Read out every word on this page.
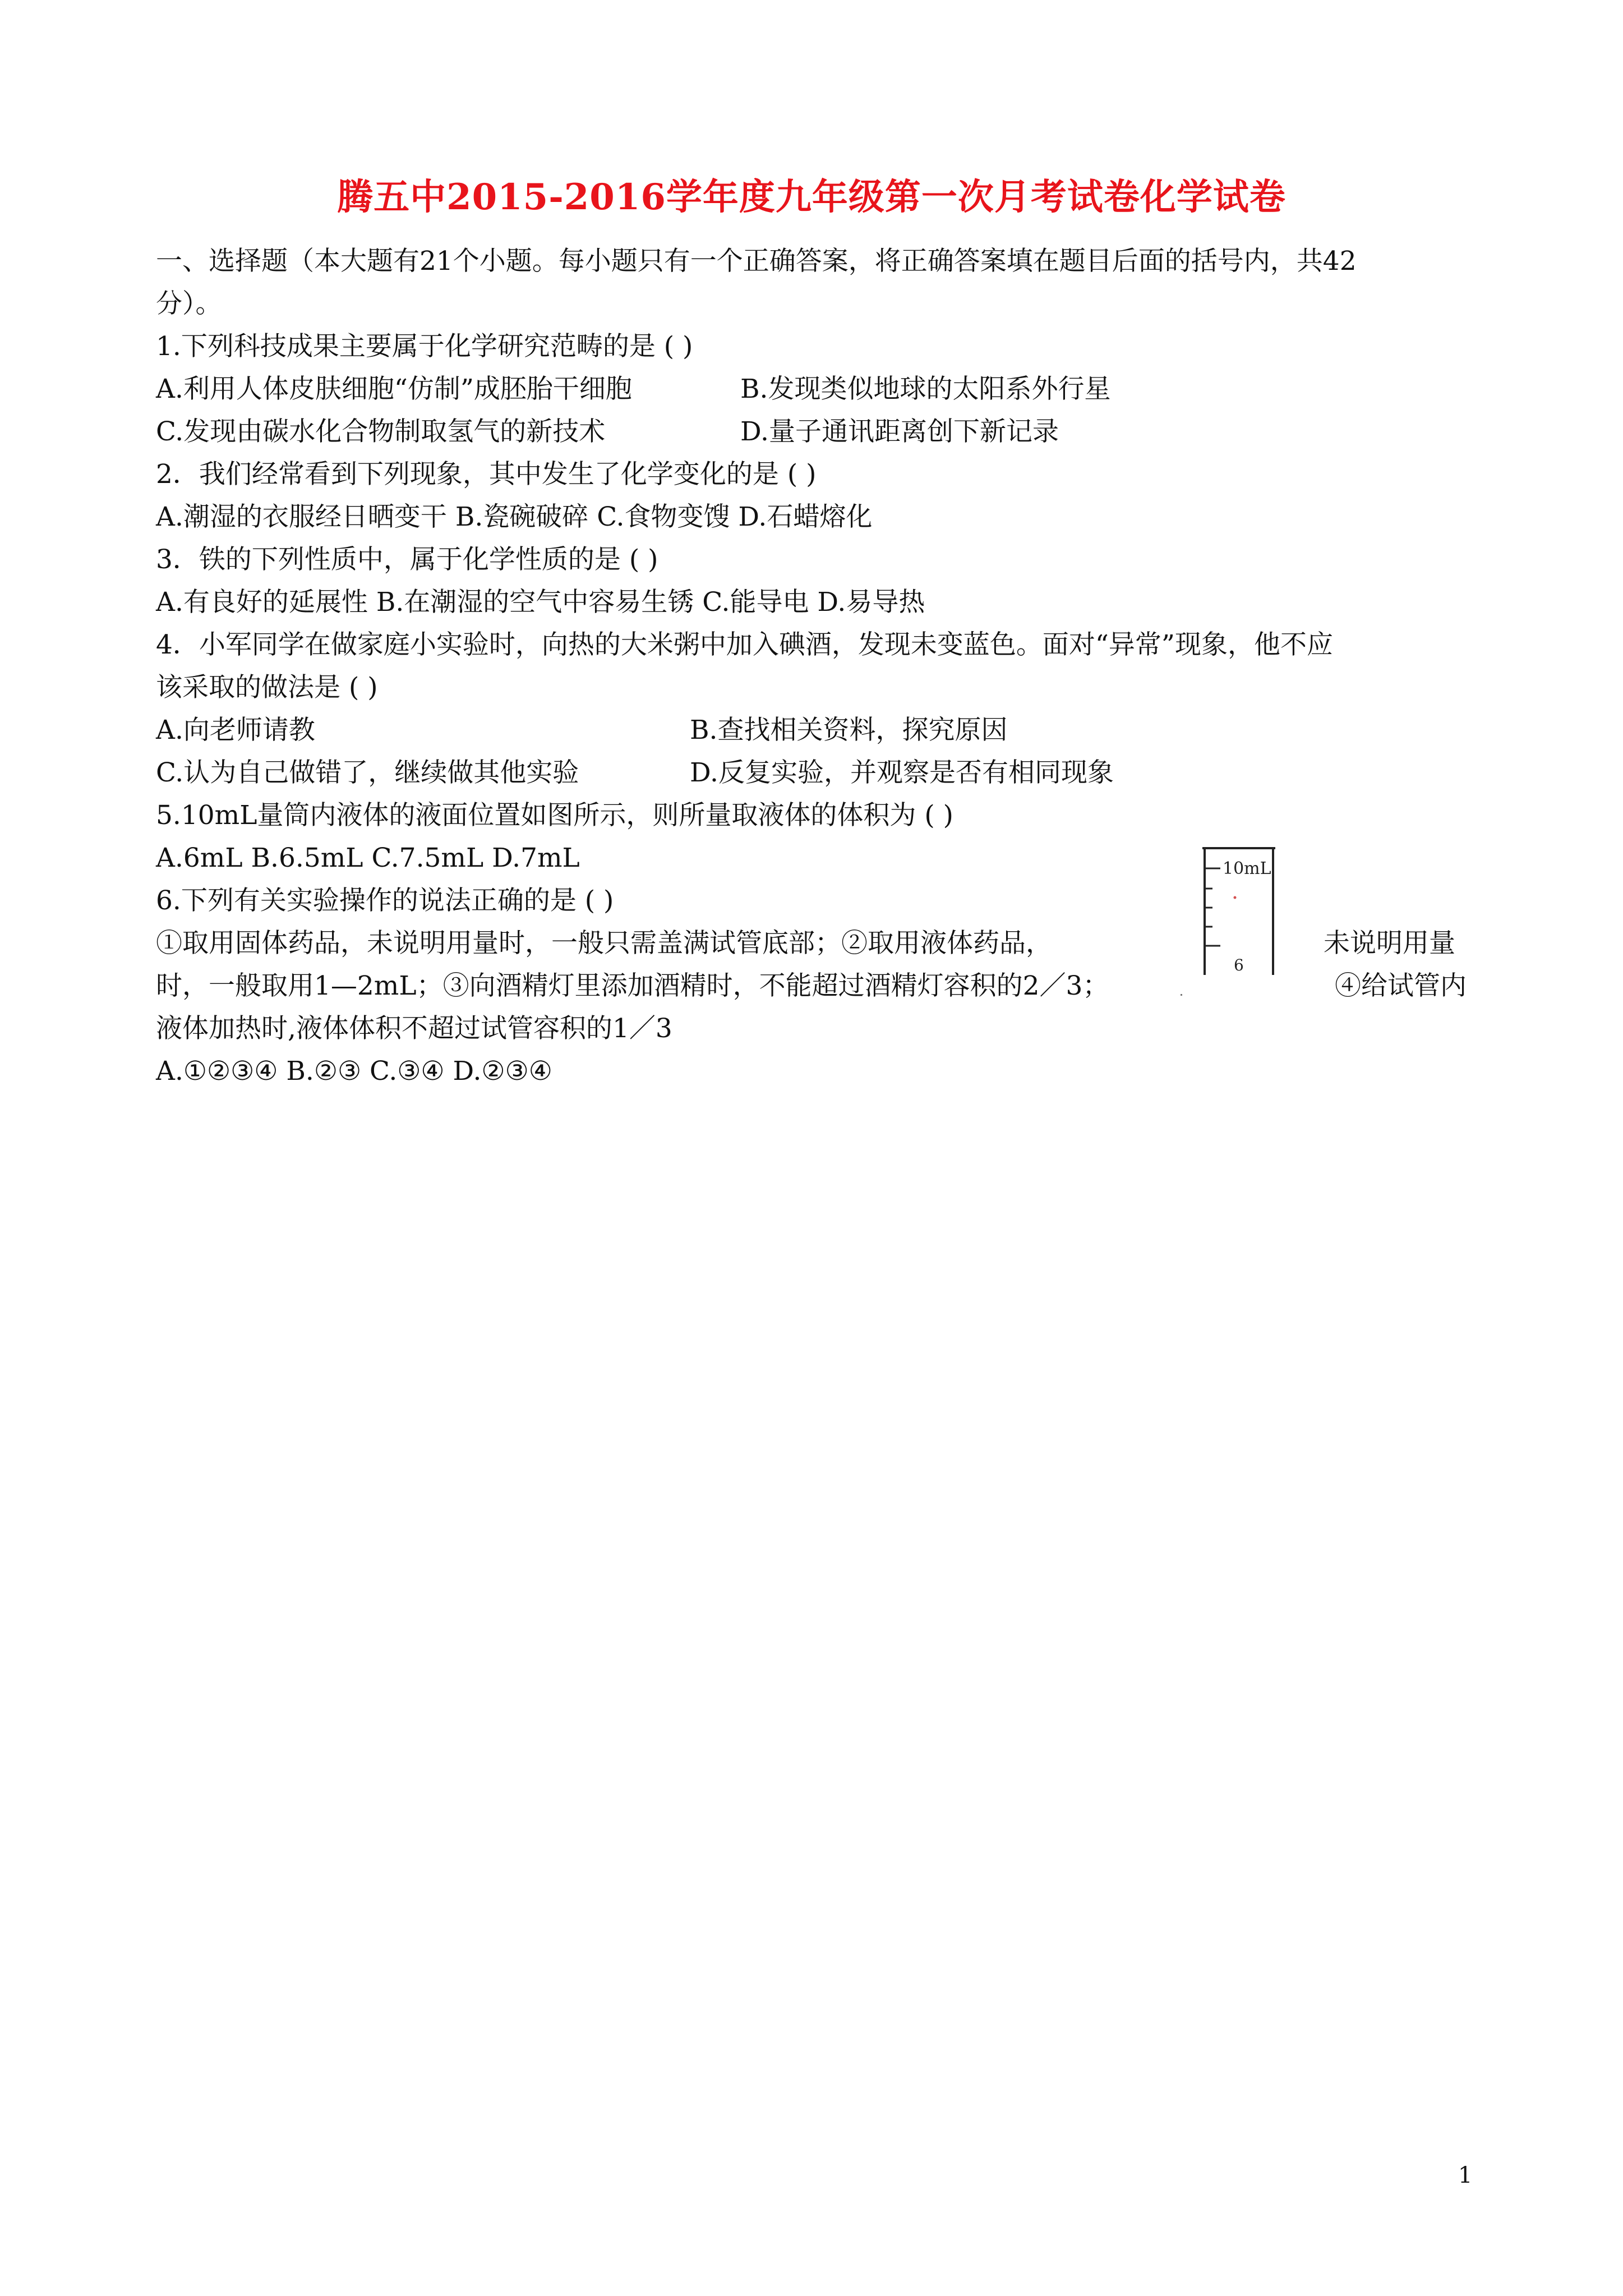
腾五中2015-2016学年度九年级第一次月考试卷化学试卷
一、选择题（本大题有21个小题。每小题只有一个正确答案，将正确答案填在题目后面的括号内，共42
分）。
1.下列科技成果主要属于化学研究范畴的是 ( )
A.利用人体皮肤细胞“仿制”成胚胎干细胞	B.发现类似地球的太阳系外行星
C.发现由碳水化合物制取氢气的新技术	D.量子通讯距离创下新记录
2．我们经常看到下列现象，其中发生了化学变化的是 ( )
A.潮湿的衣服经日晒变干 B.瓷碗破碎 C.食物变馊 D.石蜡熔化
3．铁的下列性质中，属于化学性质的是 ( )
A.有良好的延展性 B.在潮湿的空气中容易生锈 C.能导电 D.易导热
4．小军同学在做家庭小实验时，向热的大米粥中加入碘酒，发现未变蓝色。面对“异常”现象，他不应
该采取的做法是 ( )
A.向老师请教	B.查找相关资料，探究原因
C.认为自己做错了，继续做其他实验	D.反复实验，并观察是否有相同现象
5.10mL量筒内液体的液面位置如图所示，则所量取液体的体积为 ( )
A.6mL B.6.5mL C.7.5mL D.7mL	10mL
6
6.下列有关实验操作的说法正确的是 ( )
①取用固体药品，未说明用量时，一般只需盖满试管底部；②取用液体药品，	未说明用量
时，一般取用1—2mL；③向酒精灯里添加酒精时，不能超过酒精灯容积的2／3；	④给试管内
液体加热时,液体体积不超过试管容积的1／3
A.①②③④ B.②③ C.③④ D.②③④
1
